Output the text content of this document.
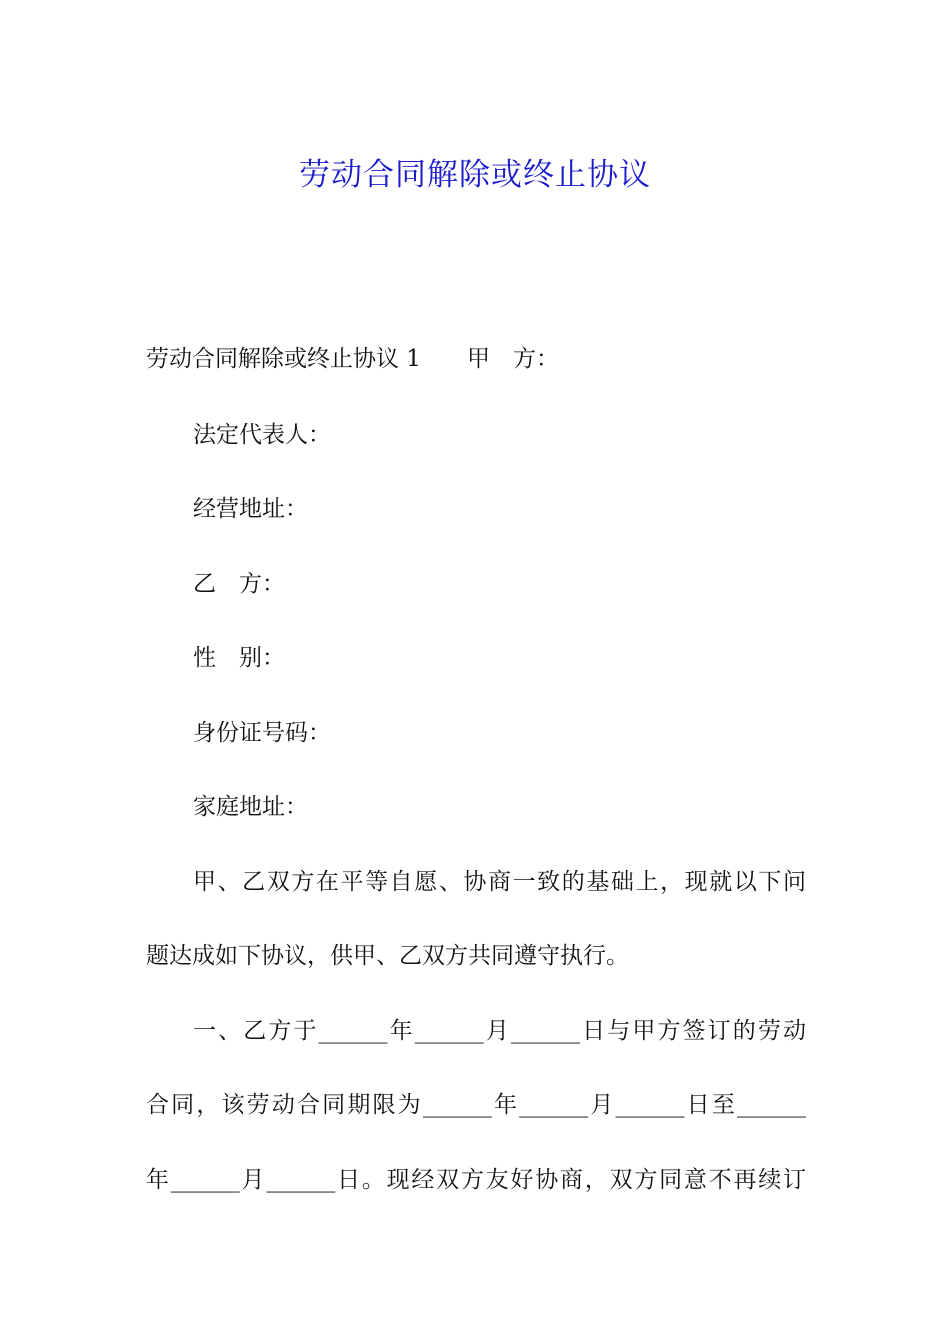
劳动合同解除或终止协议
劳动合同解除或终止协议 1　　甲　方：
法定代表人：
经营地址：
乙　方：
性　别：
身份证号码：
家庭地址：
甲、乙双方在平等自愿、协商一致的基础上，现就以下问
题达成如下协议，供甲、乙双方共同遵守执行。
一、乙方于______年______月______日与甲方签订的劳动
合同，该劳动合同期限为______年______月______日至______
年______月______日。现经双方友好协商，双方同意不再续订
